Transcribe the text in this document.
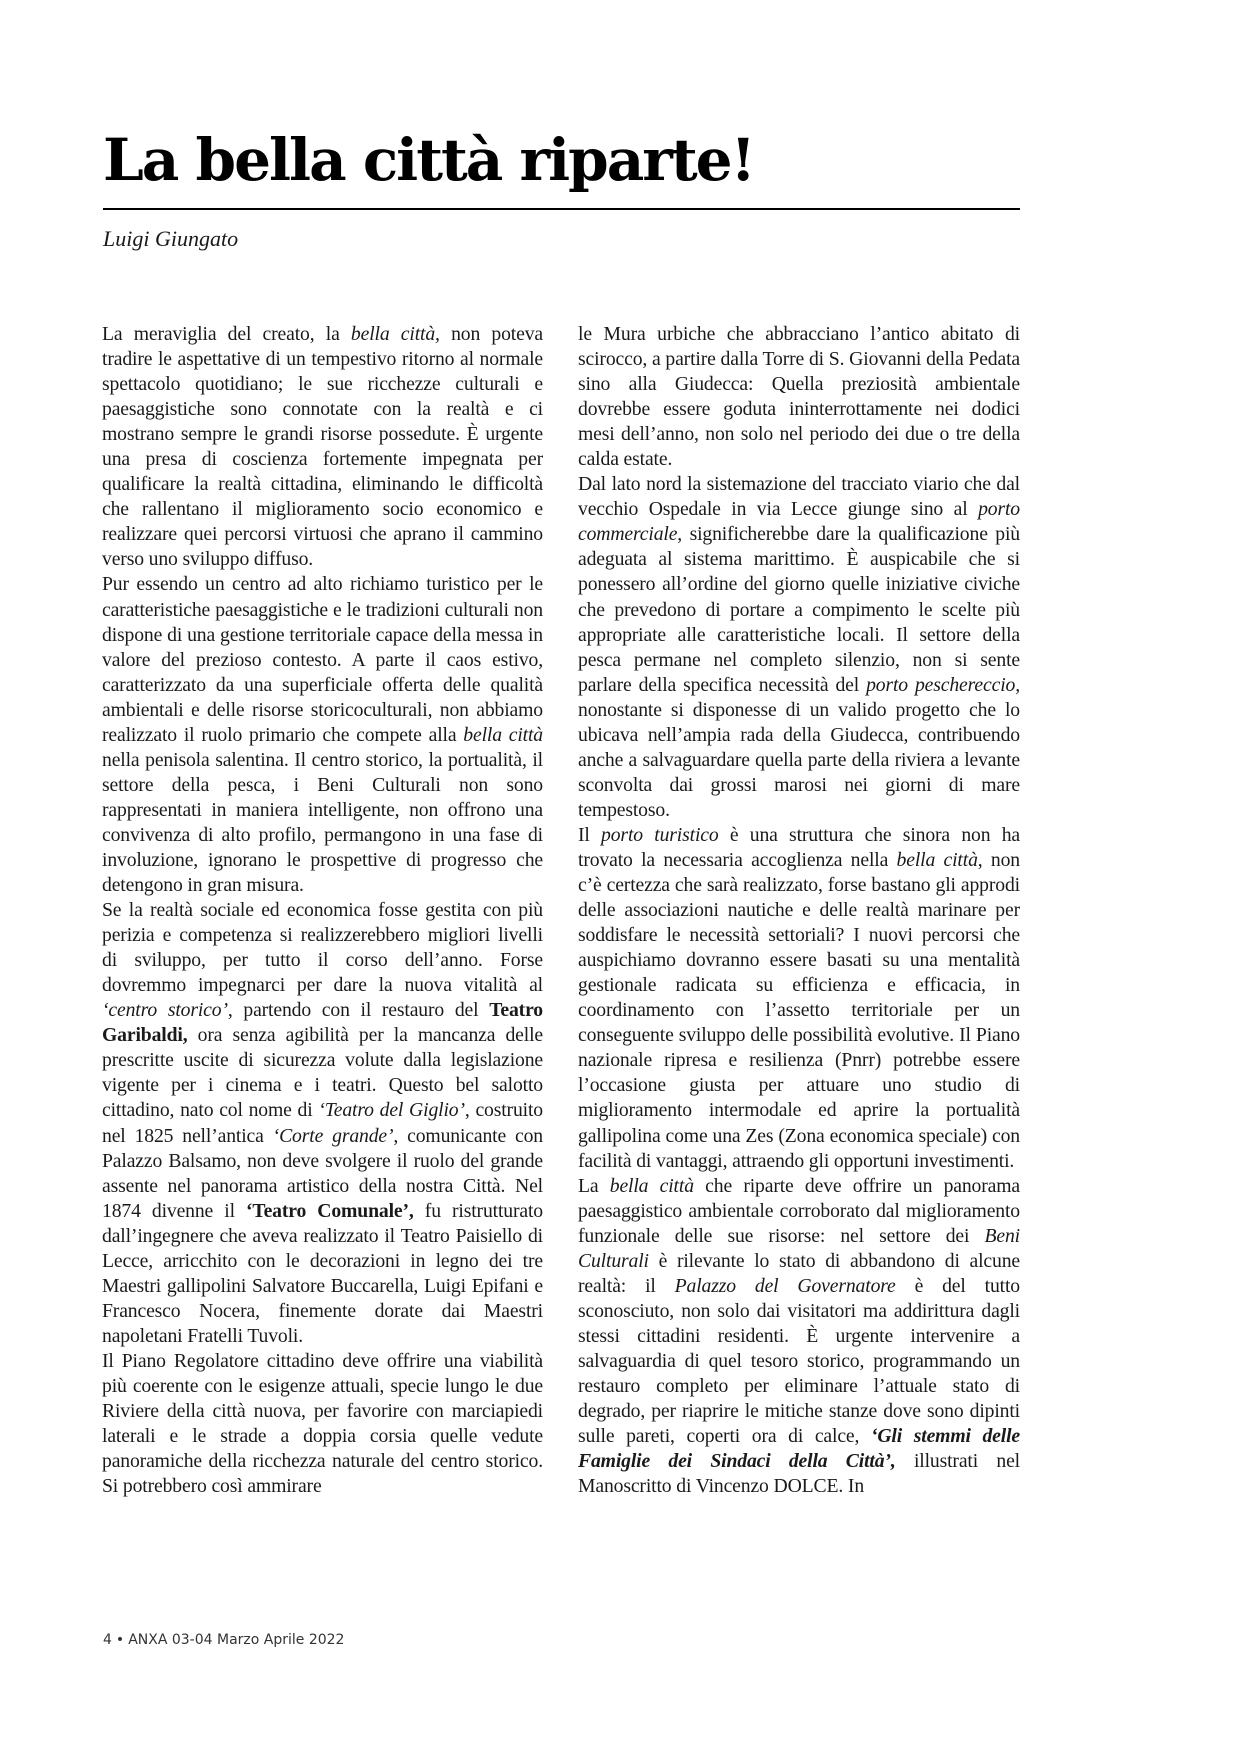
La bella città riparte!

Luigi Giungato

La meraviglia del creato, la bella città, non poteva tradire le aspettative di un tempestivo ritorno al normale spettacolo quotidiano; le sue ricchezze culturali e paesaggistiche sono connotate con la realtà e ci mostrano sempre le grandi risorse possedute. È urgente una presa di coscienza fortemente impegnata per qualificare la realtà cittadina, eliminando le difficoltà che rallentano il miglioramento socio economico e realizzare quei percorsi virtuosi che aprano il cammino verso uno sviluppo diffuso.

Pur essendo un centro ad alto richiamo turistico per le caratteristiche paesaggistiche e le tradizioni culturali non dispone di una gestione territoriale capace della messa in valore del prezioso contesto. A parte il caos estivo, caratterizzato da una superficiale offerta delle qualità ambientali e delle risorse storicoculturali, non abbiamo realizzato il ruolo primario che compete alla bella città nella penisola salentina. Il centro storico, la portualità, il settore della pesca, i Beni Culturali non sono rappresentati in maniera intelligente, non offrono una convivenza di alto profilo, permangono in una fase di involuzione, ignorano le prospettive di progresso che detengono in gran misura.

Se la realtà sociale ed economica fosse gestita con più perizia e competenza si realizzerebbero migliori livelli di sviluppo, per tutto il corso dell’anno. Forse dovremmo impegnarci per dare la nuova vitalità al ‘centro storico’, partendo con il restauro del Teatro Garibaldi, ora senza agibilità per la mancanza delle prescritte uscite di sicurezza volute dalla legislazione vigente per i cinema e i teatri. Questo bel salotto cittadino, nato col nome di ‘Teatro del Giglio’, costruito nel 1825 nell’antica ‘Corte grande’, comunicante con Palazzo Balsamo, non deve svolgere il ruolo del grande assente nel panorama artistico della nostra Città. Nel 1874 divenne il ‘Teatro Comunale’, fu ristrutturato dall’ingegnere che aveva realizzato il Teatro Paisiello di Lecce, arricchito con le decorazioni in legno dei tre Maestri gallipolini Salvatore Buccarella, Luigi Epifani e Francesco Nocera, finemente dorate dai Maestri napoletani Fratelli Tuvoli.

Il Piano Regolatore cittadino deve offrire una viabilità più coerente con le esigenze attuali, specie lungo le due Riviere della città nuova, per favorire con marciapiedi laterali e le strade a doppia corsia quelle vedute panoramiche della ricchezza naturale del centro storico. Si potrebbero così ammirare

le Mura urbiche che abbracciano l’antico abitato di scirocco, a partire dalla Torre di S. Giovanni della Pedata sino alla Giudecca: Quella preziosità ambientale dovrebbe essere goduta ininterrottamente nei dodici mesi dell’anno, non solo nel periodo dei due o tre della calda estate.

Dal lato nord la sistemazione del tracciato viario che dal vecchio Ospedale in via Lecce giunge sino al porto commerciale, significherebbe dare la qualificazione più adeguata al sistema marittimo. È auspicabile che si ponessero all’ordine del giorno quelle iniziative civiche che prevedono di portare a compimento le scelte più appropriate alle caratteristiche locali. Il settore della pesca permane nel completo silenzio, non si sente parlare della specifica necessità del porto peschereccio, nonostante si disponesse di un valido progetto che lo ubicava nell’ampia rada della Giudecca, contribuendo anche a salvaguardare quella parte della riviera a levante sconvolta dai grossi marosi nei giorni di mare tempestoso.

Il porto turistico è una struttura che sinora non ha trovato la necessaria accoglienza nella bella città, non c’è certezza che sarà realizzato, forse bastano gli approdi delle associazioni nautiche e delle realtà marinare per soddisfare le necessità settoriali? I nuovi percorsi che auspichiamo dovranno essere basati su una mentalità gestionale radicata su efficienza e efficacia, in coordinamento con l’assetto territoriale per un conseguente sviluppo delle possibilità evolutive. Il Piano nazionale ripresa e resilienza (Pnrr) potrebbe essere l’occasione giusta per attuare uno studio di miglioramento intermodale ed aprire la portualità gallipolina come una Zes (Zona economica speciale) con facilità di vantaggi, attraendo gli opportuni investimenti.

La bella città che riparte deve offrire un panorama paesaggistico ambientale corroborato dal miglioramento funzionale delle sue risorse: nel settore dei Beni Culturali è rilevante lo stato di abbandono di alcune realtà: il Palazzo del Governatore è del tutto sconosciuto, non solo dai visitatori ma addirittura dagli stessi cittadini residenti. È urgente intervenire a salvaguardia di quel tesoro storico, programmando un restauro completo per eliminare l’attuale stato di degrado, per riaprire le mitiche stanze dove sono dipinti sulle pareti, coperti ora di calce, ‘Gli stemmi delle Famiglie dei Sindaci della Città’, illustrati nel Manoscritto di Vincenzo DOLCE. In

4 • ANXA 03-04 Marzo Aprile 2022
